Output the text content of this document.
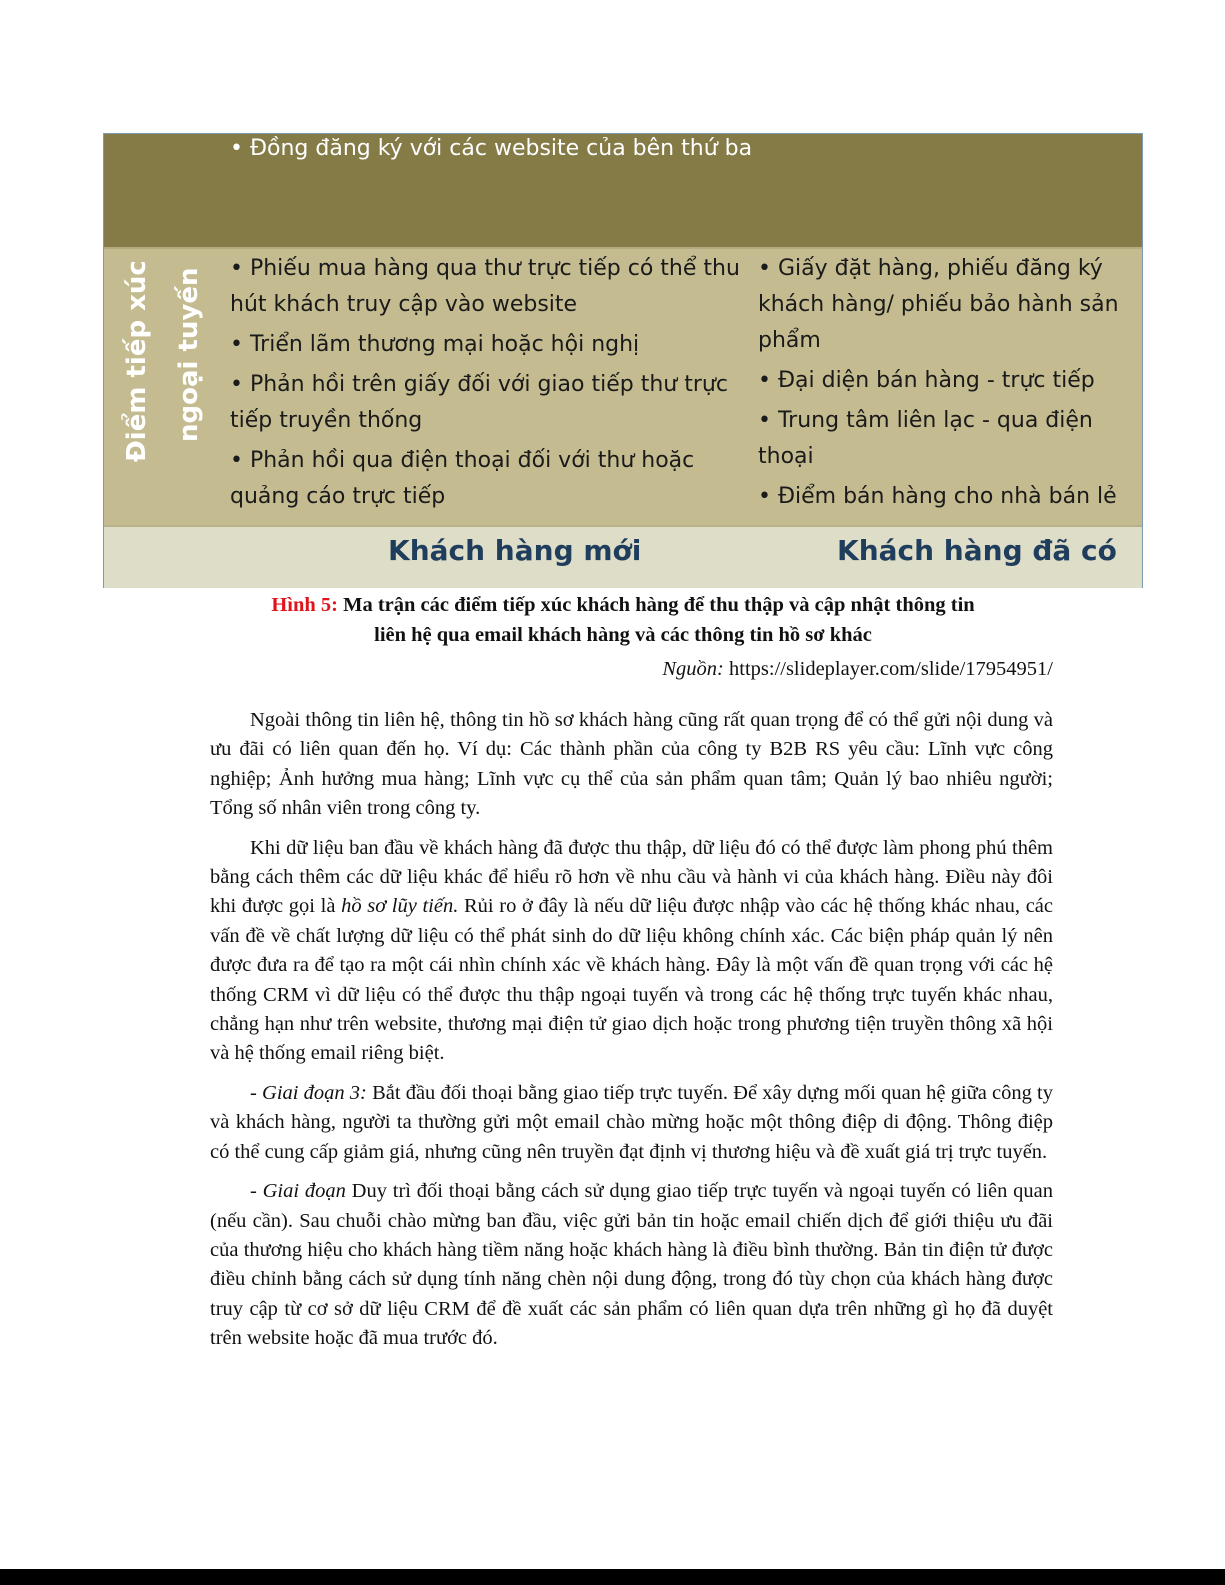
• Đồng đăng ký với các website của bên thứ ba
Điểm tiếp xúc ngoại tuyến • Phiếu mua hàng qua thư trực tiếp có thể thu hút khách truy cập vào website

• Triển lãm thương mại hoặc hội nghị

• Phản hồi trên giấy đối với giao tiếp thư trực tiếp truyền thống

• Phản hồi qua điện thoại đối với thư hoặc quảng cáo trực tiếp

• Giấy đặt hàng, phiếu đăng ký khách hàng/ phiếu bảo hành sản phẩm

• Đại diện bán hàng - trực tiếp

• Trung tâm liên lạc - qua điện thoại

• Điểm bán hàng cho nhà bán lẻ

Khách hàng mới	Khách hàng đã có
Hình 5: Ma trận các điểm tiếp xúc khách hàng để thu thập và cập nhật thông tin
liên hệ qua email khách hàng và các thông tin hồ sơ khác
Nguồn: https://slideplayer.com/slide/17954951/

Ngoài thông tin liên hệ, thông tin hồ sơ khách hàng cũng rất quan trọng để có thể gửi nội dung và ưu đãi có liên quan đến họ. Ví dụ: Các thành phần của công ty B2B RS yêu cầu: Lĩnh vực công nghiệp; Ảnh hưởng mua hàng; Lĩnh vực cụ thể của sản phẩm quan tâm; Quản lý bao nhiêu người; Tổng số nhân viên trong công ty.

Khi dữ liệu ban đầu về khách hàng đã được thu thập, dữ liệu đó có thể được làm phong phú thêm bằng cách thêm các dữ liệu khác để hiểu rõ hơn về nhu cầu và hành vi của khách hàng. Điều này đôi khi được gọi là hồ sơ lũy tiến. Rủi ro ở đây là nếu dữ liệu được nhập vào các hệ thống khác nhau, các vấn đề về chất lượng dữ liệu có thể phát sinh do dữ liệu không chính xác. Các biện pháp quản lý nên được đưa ra để tạo ra một cái nhìn chính xác về khách hàng. Đây là một vấn đề quan trọng với các hệ thống CRM vì dữ liệu có thể được thu thập ngoại tuyến và trong các hệ thống trực tuyến khác nhau, chẳng hạn như trên website, thương mại điện tử giao dịch hoặc trong phương tiện truyền thông xã hội và hệ thống email riêng biệt.

- Giai đoạn 3: Bắt đầu đối thoại bằng giao tiếp trực tuyến. Để xây dựng mối quan hệ giữa công ty và khách hàng, người ta thường gửi một email chào mừng hoặc một thông điệp di động. Thông điệp có thể cung cấp giảm giá, nhưng cũng nên truyền đạt định vị thương hiệu và đề xuất giá trị trực tuyến.

- Giai đoạn Duy trì đối thoại bằng cách sử dụng giao tiếp trực tuyến và ngoại tuyến có liên quan (nếu cần). Sau chuỗi chào mừng ban đầu, việc gửi bản tin hoặc email chiến dịch để giới thiệu ưu đãi của thương hiệu cho khách hàng tiềm năng hoặc khách hàng là điều bình thường. Bản tin điện tử được điều chỉnh bằng cách sử dụng tính năng chèn nội dung động, trong đó tùy chọn của khách hàng được truy cập từ cơ sở dữ liệu CRM để đề xuất các sản phẩm có liên quan dựa trên những gì họ đã duyệt trên website hoặc đã mua trước đó.
